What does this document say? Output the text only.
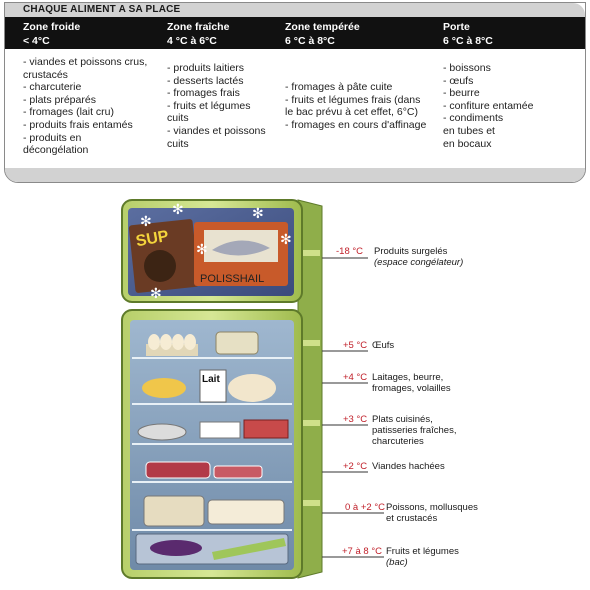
CHAQUE ALIMENT A SA PLACE
Zone froide
< 4°C
Zone fraîche
4 °C à 6°C
Zone tempérée
6 °C à 8°C
Porte
6 °C à 8°C
- viandes et poissons crus,
crustacés
- charcuterie
- plats préparés
- fromages (lait cru)
- produits frais entamés
- produits en
décongélation
- produits laitiers
- desserts lactés
- fromages frais
- fruits et légumes
cuits
- viandes et poissons
cuits
- fromages à pâte cuite
- fruits et légumes frais (dans
le bac prévu à cet effet, 6°C)
- fromages en cours d'affinage
- boissons
- œufs
- beurre
- confiture entamée
- condiments
en tubes et
en bocaux
SUP
POLISSHAIL
✻	✻
✻
✻
✻
✻
Lait
-18 °C Produits surgelés
(espace congélateur)
+5 °C Œufs
+4 °C Laitages, beurre,
fromages, volailles
+3 °C Plats cuisinés,
patisseries fraîches,
charcuteries
+2 °C Viandes hachées
0 à +2 °C Poissons, mollusques
et crustacés
+7 à 8 °C Fruits et légumes
(bac)
